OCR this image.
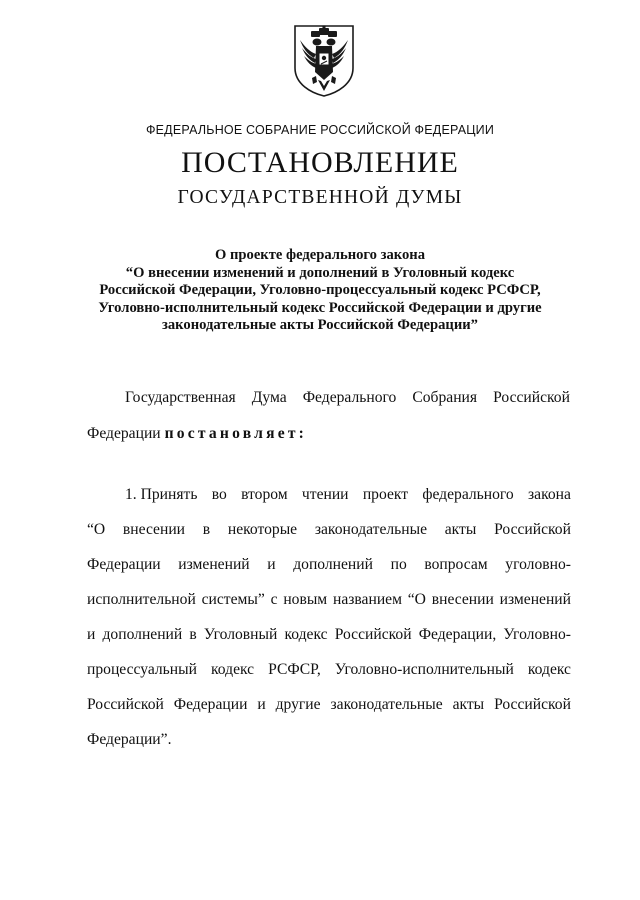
ФЕДЕРАЛЬНОЕ СОБРАНИЕ РОССИЙСКОЙ ФЕДЕРАЦИИ
ПОСТАНОВЛЕНИЕ
ГОСУДАРСТВЕННОЙ ДУМЫ
О проекте федерального закона
“О внесении изменений и дополнений в Уголовный кодекс
Российской Федерации, Уголовно-процессуальный кодекс РСФСР,
Уголовно-исполнительный кодекс Российской Федерации и другие
законодательные акты Российской Федерации”
Государственная Дума Федерального Собрания Российской
Федерации постановляет:
1. Принять во втором чтении проект федерального закона
“О внесении в некоторые законодательные акты Российской
Федерации изменений и дополнений по вопросам уголовно-
исполнительной системы” с новым названием “О внесении изменений
и дополнений в Уголовный кодекс Российской Федерации, Уголовно-
процессуальный кодекс РСФСР, Уголовно-исполнительный кодекс
Российской Федерации и другие законодательные акты Российской
Федерации”.
